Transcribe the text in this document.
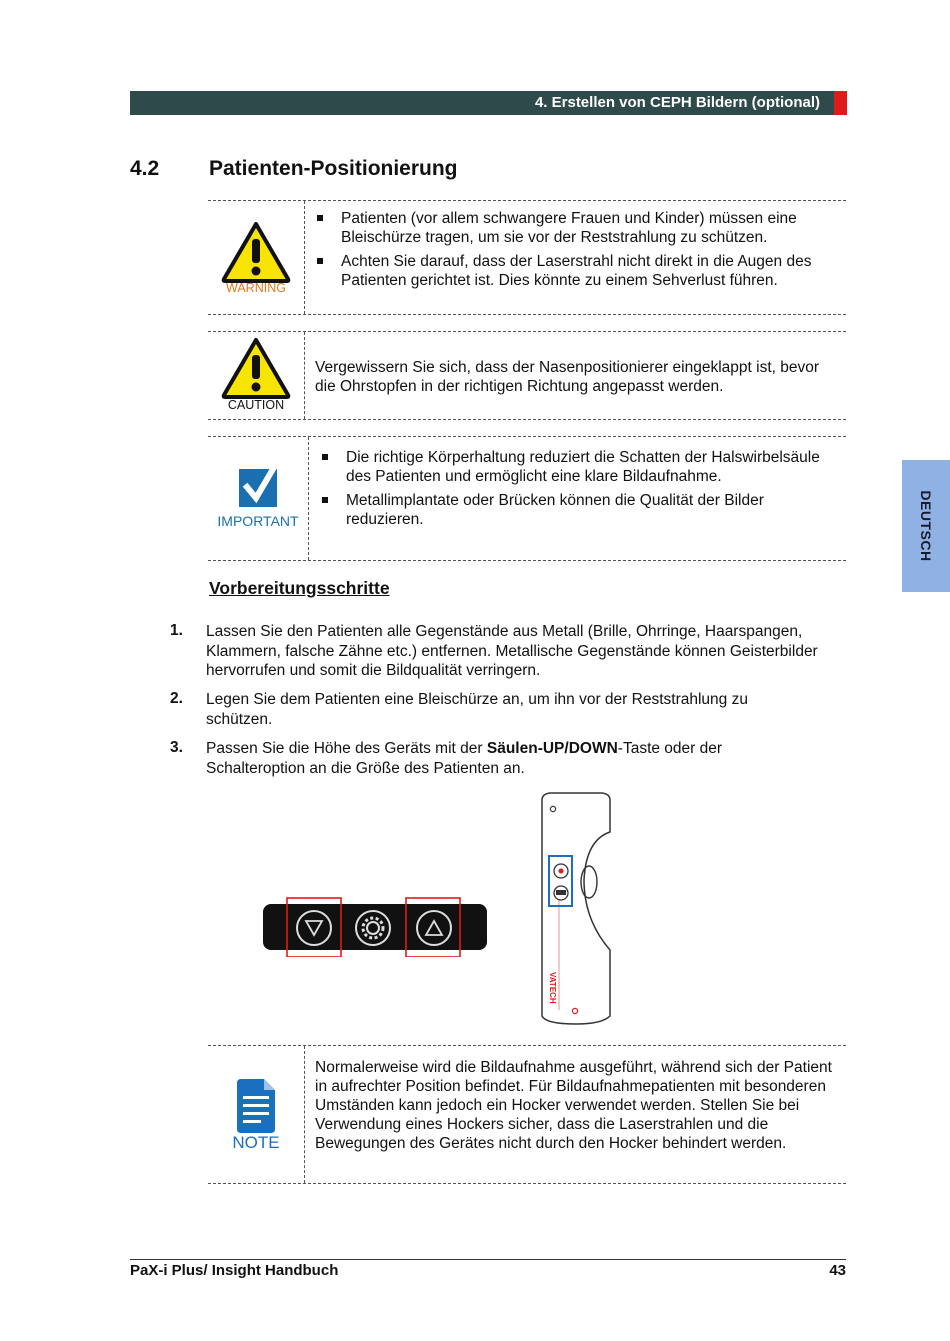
4. Erstellen von CEPH Bildern (optional)
4.2 Patienten-Positionierung
WARNING
Patienten (vor allem schwangere Frauen und Kinder) müssen eine Bleischürze tragen, um sie vor der Reststrahlung zu schützen.
Achten Sie darauf, dass der Laserstrahl nicht direkt in die Augen des Patienten gerichtet ist. Dies könnte zu einem Sehverlust führen.
CAUTION
Vergewissern Sie sich, dass der Nasenpositionierer eingeklappt ist, bevor die Ohrstopfen in der richtigen Richtung angepasst werden.
IMPORTANT
Die richtige Körperhaltung reduziert die Schatten der Halswirbelsäule des Patienten und ermöglicht eine klare Bildaufnahme.
Metallimplantate oder Brücken können die Qualität der Bilder reduzieren.
Vorbereitungsschritte
1. Lassen Sie den Patienten alle Gegenstände aus Metall (Brille, Ohrringe, Haarspangen, Klammern, falsche Zähne etc.) entfernen. Metallische Gegenstände können Geisterbilder hervorrufen und somit die Bildqualität verringern.
2. Legen Sie dem Patienten eine Bleischürze an, um ihn vor der Reststrahlung zu schützen.
3. Passen Sie die Höhe des Geräts mit der Säulen-UP/DOWN-Taste oder der Schalteroption an die Größe des Patienten an.
VATECH
NOTE
Normalerweise wird die Bildaufnahme ausgeführt, während sich der Patient in aufrechter Position befindet. Für Bildaufnahmepatienten mit besonderen Umständen kann jedoch ein Hocker verwendet werden. Stellen Sie bei Verwendung eines Hockers sicher, dass die Laserstrahlen und die Bewegungen des Gerätes nicht durch den Hocker behindert werden.
DEUTSCH
PaX-i Plus/ Insight Handbuch	43
